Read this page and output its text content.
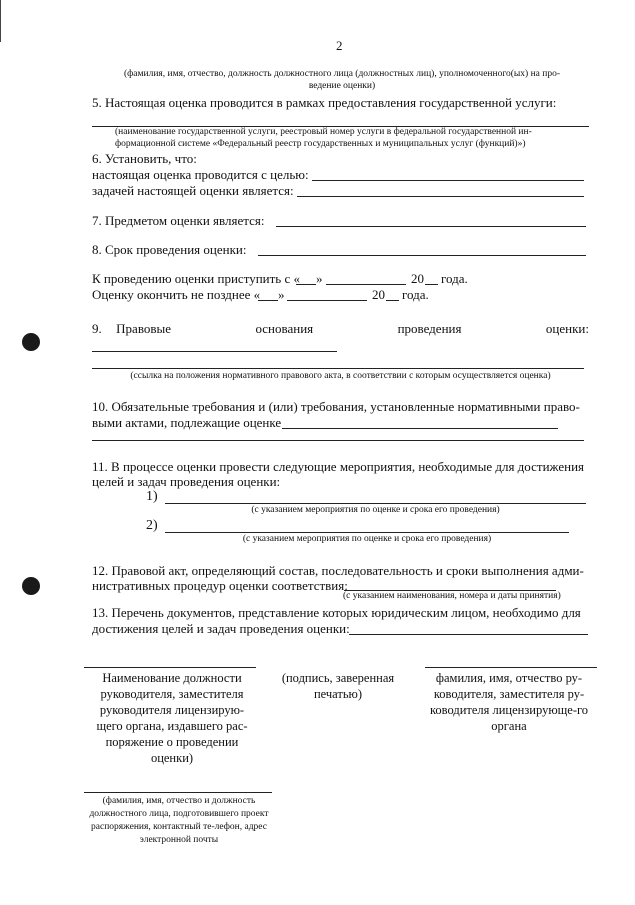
2
(фамилия, имя, отчество, должность должностного лица (должностных лиц), уполномоченного(ых) на про-
ведение оценки)
5. Настоящая оценка проводится в рамках предоставления государственной услуги:
(наименование государственной услуги, реестровый номер услуги в федеральной государственной ин-
формационной системе «Федеральный реестр государственных и муниципальных услуг (функций)»)
6. Установить, что:
настоящая оценка проводится с целью:
задачей настоящей оценки является:
7. Предметом оценки является:
8. Срок проведения оценки:
К проведению оценки приступить с « »	20 года.
Оценку окончить не позднее « »	20 года.
9. Правовые	основания	проведения	оценки:
(ссылка на положения нормативного правового акта, в соответствии с которым осуществляется оценка)
10. Обязательные требования и (или) требования, установленные нормативными право-
выми актами, подлежащие оценке
11. В процессе оценки провести следующие мероприятия, необходимые для достижения
целей и задач проведения оценки:
1)
(с указанием мероприятия по оценке и срока его проведения)
2)
(с указанием мероприятия по оценке и срока его проведения)
12. Правовой акт, определяющий состав, последовательность и сроки выполнения адми-
нистративных процедур оценки соответствия:
(с указанием наименования, номера и даты принятия)
13. Перечень документов, представление которых юридическим лицом, необходимо для
достижения целей и задач проведения оценки:
Наименование должности руководителя, заместителя руководителя лицензирую-щего органа, издавшего рас-поряжение о проведении оценки)
(подпись, заверенная печатью)
фамилия, имя, отчество ру-ководителя, заместителя ру-ководителя лицензирующе-го органа
(фамилия, имя, отчество и должность должностного лица, подготовившего проект распоряжения, контактный те-лефон, адрес электронной почты
